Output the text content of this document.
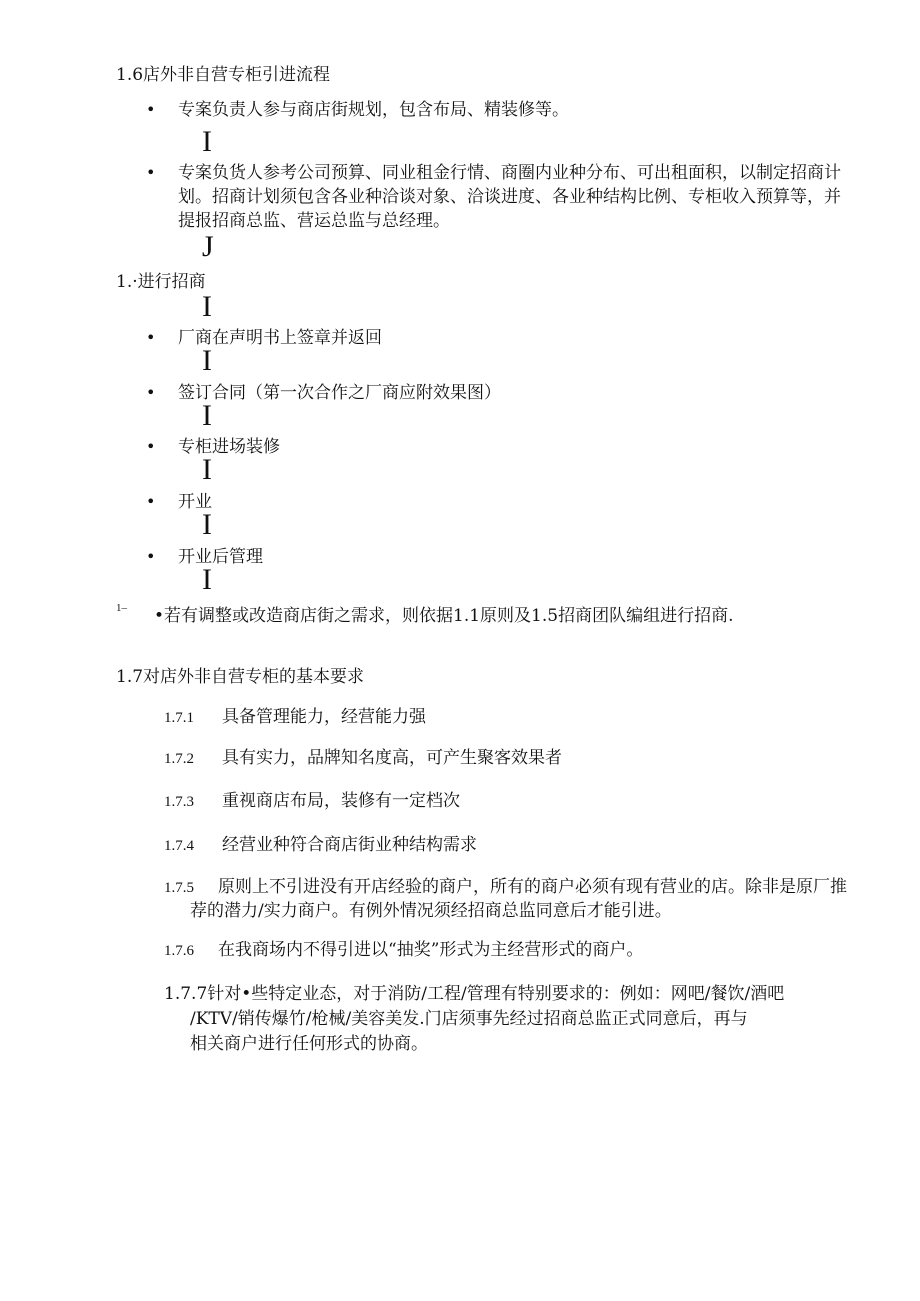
1.6店外非自营专柜引进流程
• 专案负责人参与商店街规划，包含布局、精装修等。
I
• 专案负货人参考公司预算、同业租金行情、商圈内业种分布、可出租面积，以制定招商计划。招商计划须包含各业种洽谈对象、洽谈进度、各业种结构比例、专柜收入预算等，并提报招商总监、营运总监与总经理。
J
1.·进行招商
I
• 厂商在声明书上签章并返回
I
• 签订合同（第一次合作之厂商应附效果图）
I
• 专柜进场装修
I
• 开业
I
• 开业后管理
I
1– •若有调整或改造商店街之需求，则依据1.1原则及1.5招商团队编组进行招商.
1.7对店外非自营专柜的基本要求
1.7.1 具备管理能力，经营能力强
1.7.2 具有实力，品牌知名度高，可产生聚客效果者
1.7.3 重视商店布局，装修有一定档次
1.7.4 经营业种符合商店街业种结构需求
1.7.5	原则上不引进没有开店经验的商户，所有的商户必须有现有营业的店。除非是原厂推荐的潜力/实力商户。有例外情况须经招商总监同意后才能引进。
1.7.6 在我商场内不得引进以“抽奖”形式为主经营形式的商户。
1.7.7针对•些特定业态，对于消防/工程/管理有特别要求的：例如：网吧/餐饮/酒吧
/KTV/销传爆竹/枪械/美容美发.门店须事先经过招商总监正式同意后，再与
相关商户进行任何形式的协商。
